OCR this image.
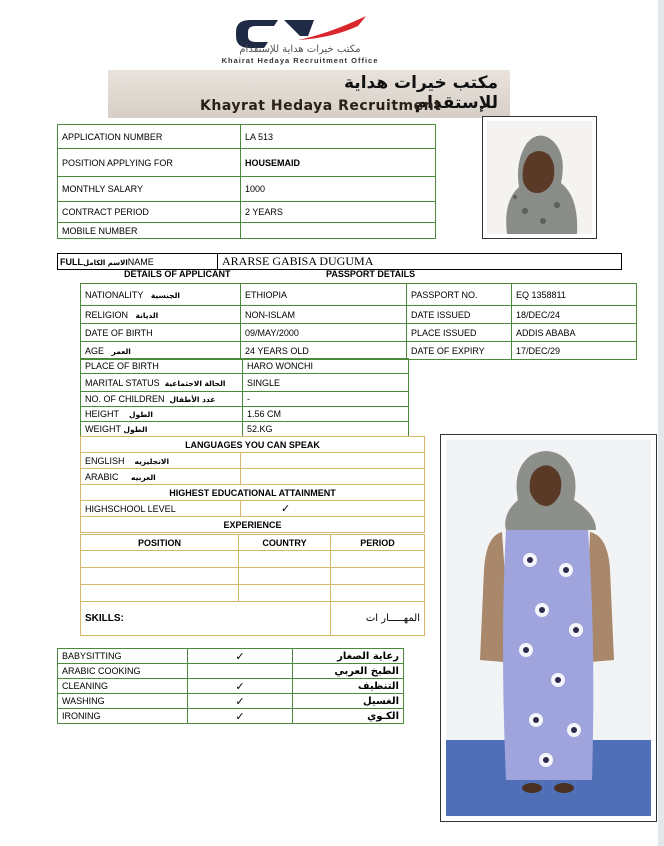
مكتب خيرات هداية للإستقدام
Khairat Hedaya Recruitment Office
مكتب خيرات هداية للإستقدام
Khayrat Hedaya Recruitment
APPLICATION NUMBER	LA 513
POSITION APPLYING FOR	HOUSEMAID
MONTHLY SALARY	1000
CONTRACT PERIOD	2 YEARS
MOBILE NUMBER	
FULLالاسم الكاملNAME	ARARSE GABISA DUGUMA
DETAILS OF APPLICANT	PASSPORT DETAILS
NATIONALITY الجنسية	ETHIOPIA	PASSPORT NO.	EQ 1358811
RELIGION الديانة	NON-ISLAM	DATE ISSUED	18/DEC/24
DATE OF BIRTH	09/MAY/2000	PLACE ISSUED	ADDIS ABABA
AGE العمر	24 YEARS OLD	DATE OF EXPIRY	17/DEC/29
PLACE OF BIRTH	HARO WONCHI
MARITAL STATUS الحالة الاجتماعية	SINGLE
NO. OF CHILDREN عدد الأطفال	-
HEIGHT الطول	1.56 CM
WEIGHT الطول	52.KG
LANGUAGES YOU CAN SPEAK	
ENGLISH الانجليزيه	
ARABIC العربيه	
HIGHEST EDUCATIONAL ATTAINMENT	
HIGHSCHOOL LEVEL	✓
EXPERIENCE	
POSITION	COUNTRY	PERIOD

SKILLS:		المهـــــار ات
BABYSITTING	✓	رعاية الصغار
ARABIC COOKING		الطبخ العربي
CLEANING	✓	التنظيف
WASHING	✓	الغسيل
IRONING	✓	الكـوي
